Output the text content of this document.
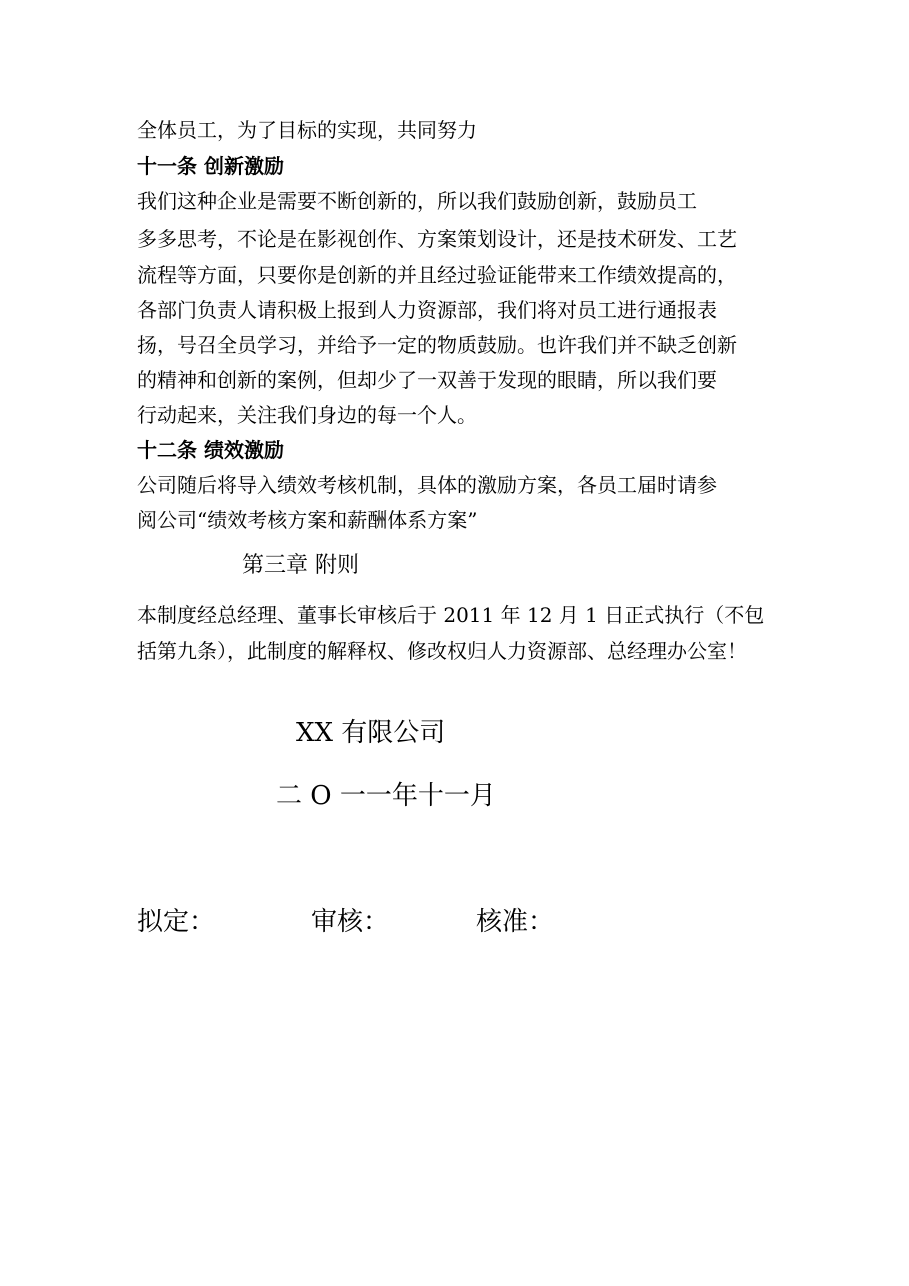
全体员工，为了目标的实现，共同努力
十一条 创新激励
我们这种企业是需要不断创新的，所以我们鼓励创新，鼓励员工
多多思考，不论是在影视创作、方案策划设计，还是技术研发、工艺
流程等方面，只要你是创新的并且经过验证能带来工作绩效提高的，
各部门负责人请积极上报到人力资源部，我们将对员工进行通报表
扬，号召全员学习，并给予一定的物质鼓励。也许我们并不缺乏创新
的精神和创新的案例，但却少了一双善于发现的眼睛，所以我们要
行动起来，关注我们身边的每一个人。
十二条 绩效激励
公司随后将导入绩效考核机制，具体的激励方案，各员工届时请参
阅公司“绩效考核方案和薪酬体系方案”
第三章 附则
本制度经总经理、董事长审核后于 2011 年 12 月 1 日正式执行（不包
括第九条），此制度的解释权、修改权归人力资源部、总经理办公室！
XX 有限公司
二 O 一一年十一月
拟定：	审核：	核准：
